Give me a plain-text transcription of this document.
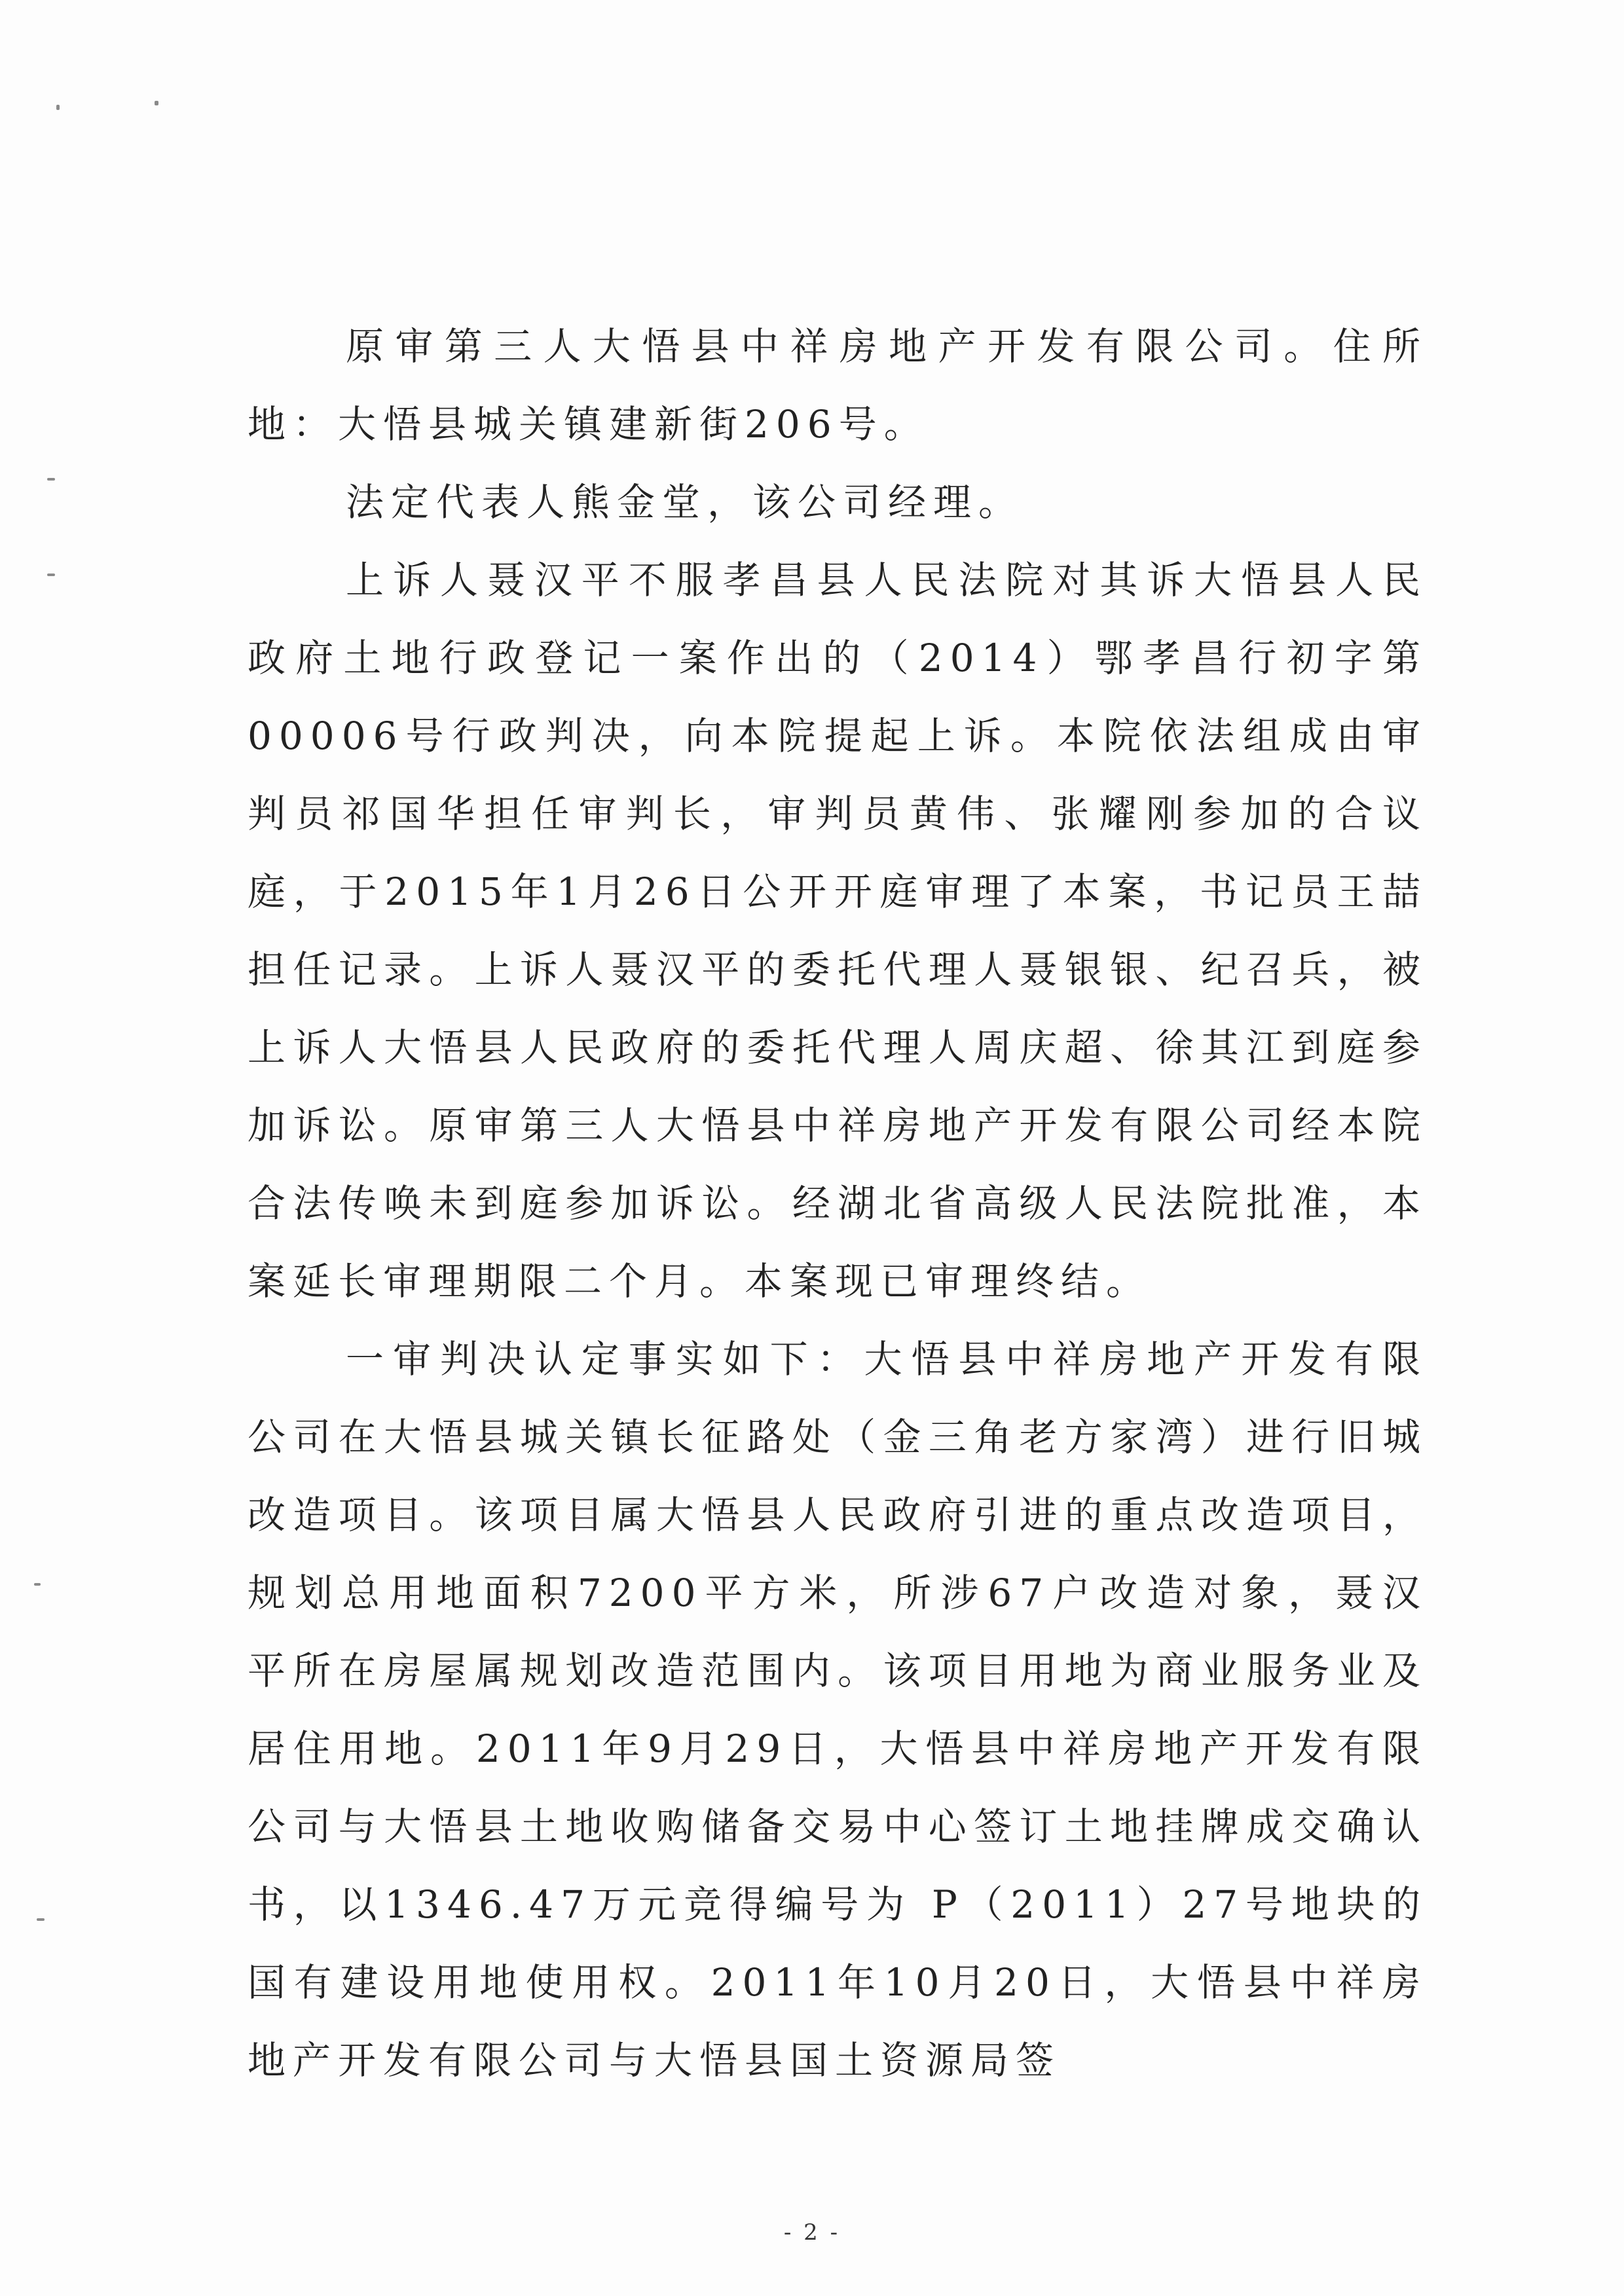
原审第三人大悟县中祥房地产开发有限公司。住所地：大悟县城关镇建新街206号。

法定代表人熊金堂，该公司经理。

上诉人聂汉平不服孝昌县人民法院对其诉大悟县人民政府土地行政登记一案作出的（2014）鄂孝昌行初字第00006号行政判决，向本院提起上诉。本院依法组成由审判员祁国华担任审判长，审判员黄伟、张耀刚参加的合议庭，于2015年1月26日公开开庭审理了本案，书记员王喆担任记录。上诉人聂汉平的委托代理人聂银银、纪召兵，被上诉人大悟县人民政府的委托代理人周庆超、徐其江到庭参加诉讼。原审第三人大悟县中祥房地产开发有限公司经本院合法传唤未到庭参加诉讼。经湖北省高级人民法院批准，本案延长审理期限二个月。本案现已审理终结。

一审判决认定事实如下：大悟县中祥房地产开发有限公司在大悟县城关镇长征路处（金三角老方家湾）进行旧城改造项目。该项目属大悟县人民政府引进的重点改造项目，规划总用地面积7200平方米，所涉67户改造对象，聂汉平所在房屋属规划改造范围内。该项目用地为商业服务业及居住用地。2011年9月29日，大悟县中祥房地产开发有限公司与大悟县土地收购储备交易中心签订土地挂牌成交确认书，以1346.47万元竞得编号为 P（2011）27号地块的国有建设用地使用权。2011年10月20日，大悟县中祥房地产开发有限公司与大悟县国土资源局签

- 2 -
